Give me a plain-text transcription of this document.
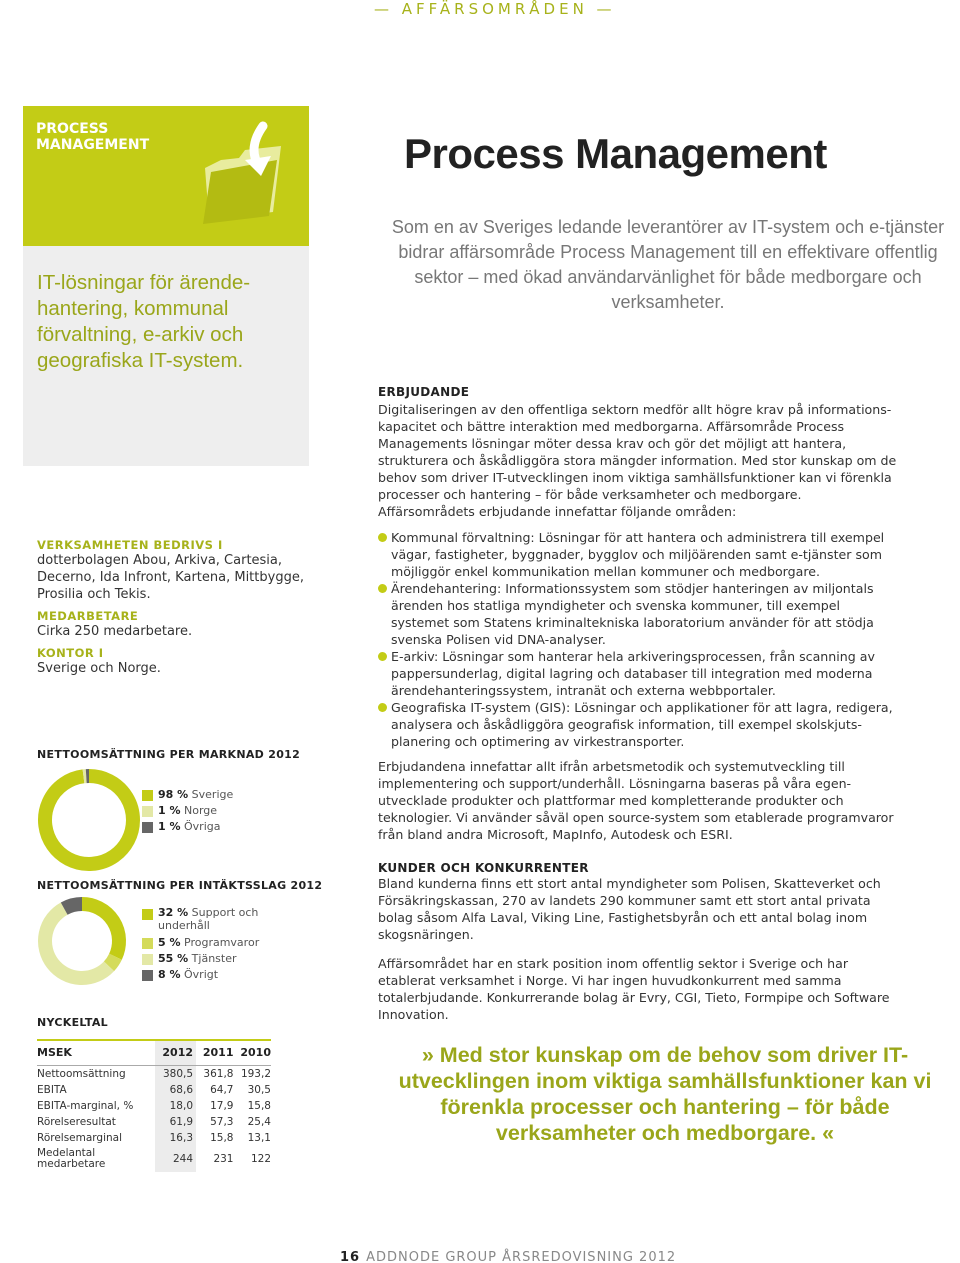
— AFFÄRSOMRÅDEN —
PROCESS
MANAGEMENT
IT-lösningar för ärende-
hantering, kommunal
förvaltning, e-arkiv och
geografiska IT-system.
Process Management
Som en av Sveriges ledande leverantörer av IT-system och e-tjänster bidrar affärsområde Process Management till en effektivare offentlig sektor – med ökad användarvänlighet för både medborgare och verksamheter.
ERBJUDANDE
Digitaliseringen av den offentliga sektorn medför allt högre krav på informations-kapacitet och bättre interaktion med medborgarna. Affärsområde Process Managements lösningar möter dessa krav och gör det möjligt att hantera, strukturera och åskådliggöra stora mängder information. Med stor kunskap om de behov som driver IT-utvecklingen inom viktiga samhällsfunktioner kan vi förenkla processer och hantering – för både verksamheter och medborgare. Affärsområdets erbjudande innefattar följande områden:
Kommunal förvaltning: Lösningar för att hantera och administrera till exempel vägar, fastigheter, byggnader, bygglov och miljöärenden samt e-tjänster som möjliggör enkel kommunikation mellan kommuner och medborgare.
Ärendehantering: Informationssystem som stödjer hanteringen av miljontals ärenden hos statliga myndigheter och svenska kommuner, till exempel systemet som Statens kriminaltekniska laboratorium använder för att stödja svenska Polisen vid DNA-analyser.
E-arkiv: Lösningar som hanterar hela arkiveringsprocessen, från scanning av pappersunderlag, digital lagring och databaser till integration med moderna ärendehanteringssystem, intranät och externa webbportaler.
Geografiska IT-system (GIS): Lösningar och applikationer för att lagra, redigera, analysera och åskådliggöra geografisk information, till exempel skolskjuts-planering och optimering av virkestransporter.
Erbjudandena innefattar allt ifrån arbetsmetodik och systemutveckling till implementering och support/underhåll. Lösningarna baseras på våra egen-utvecklade produkter och plattformar med kompletterande produkter och teknologier. Vi använder såväl open source-system som etablerade programvaror från bland andra Microsoft, MapInfo, Autodesk och ESRI.
KUNDER OCH KONKURRENTER
Bland kunderna finns ett stort antal myndigheter som Polisen, Skatteverket och Försäkringskassan, 270 av landets 290 kommuner samt ett stort antal privata bolag såsom Alfa Laval, Viking Line, Fastighetsbyrån och ett antal bolag inom skogsnäringen.
Affärsområdet har en stark position inom offentlig sektor i Sverige och har etablerat verksamhet i Norge. Vi har ingen huvudkonkurrent med samma totalerbjudande. Konkurrerande bolag är Evry, CGI, Tieto, Formpipe och Software Innovation.
VERKSAMHETEN BEDRIVS I
dotterbolagen Abou, Arkiva, Cartesia, Decerno, Ida Infront, Kartena, Mittbygge, Prosilia och Tekis.
MEDARBETARE
Cirka 250 medarbetare.
KONTOR I
Sverige och Norge.
NETTOOMSÄTTNING PER MARKNAD 2012
98 % Sverige
1 % Norge
1 % Övriga
NETTOOMSÄTTNING PER INTÄKTSSLAG 2012
32 % Support och underhåll
5 % Programvaror
55 % Tjänster
8 % Övrigt
NYCKELTAL
MSEK	2012	2011	2010
Nettoomsättning	380,5	361,8	193,2
EBITA	68,6	64,7	30,5
EBITA-marginal, %	18,0	17,9	15,8
Rörelseresultat	61,9	57,3	25,4
Rörelsemarginal	16,3	15,8	13,1
Medelantal
medarbetare	244	231	122
» Med stor kunskap om de behov som driver IT-utvecklingen inom viktiga samhällsfunktioner kan vi förenkla processer och hantering – för både verksamheter och medborgare. «
16 ADDNODE GROUP ÅRSREDOVISNING 2012
